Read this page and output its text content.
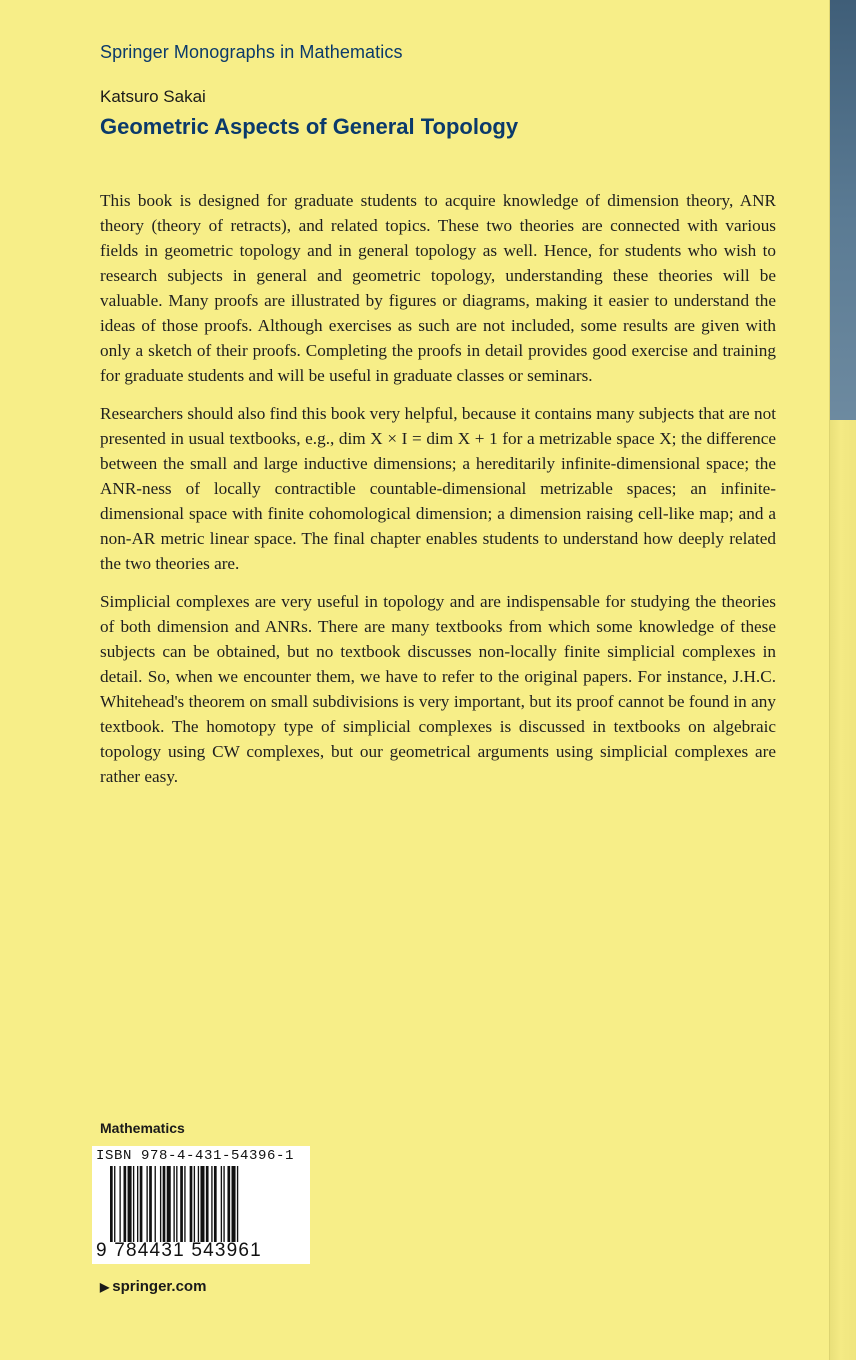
Springer Monographs in Mathematics
Katsuro Sakai
Geometric Aspects of General Topology

This book is designed for graduate students to acquire knowledge of dimension theory, ANR theory (theory of retracts), and related topics. These two theories are connected with various fields in geometric topology and in general topology as well. Hence, for students who wish to research subjects in general and geometric topology, understanding these theories will be valuable. Many proofs are illustrated by figures or diagrams, making it easier to understand the ideas of those proofs. Although exercises as such are not included, some results are given with only a sketch of their proofs. Completing the proofs in detail provides good exercise and training for graduate students and will be useful in graduate classes or seminars.

Researchers should also find this book very helpful, because it contains many subjects that are not presented in usual textbooks, e.g., dim X × I = dim X + 1 for a metrizable space X; the difference between the small and large inductive dimensions; a hereditarily infinite-dimensional space; the ANR-ness of locally contractible countable-dimensional metrizable spaces; an infinite-dimensional space with finite cohomological dimension; a dimension raising cell-like map; and a non-AR metric linear space. The final chapter enables students to understand how deeply related the two theories are.

Simplicial complexes are very useful in topology and are indispensable for studying the theories of both dimension and ANRs. There are many textbooks from which some knowledge of these subjects can be obtained, but no textbook discusses non-locally finite simplicial complexes in detail. So, when we encounter them, we have to refer to the original papers. For instance, J.H.C. Whitehead's theorem on small subdivisions is very important, but its proof cannot be found in any textbook. The homotopy type of simplicial complexes is discussed in textbooks on algebraic topology using CW complexes, but our geometrical arguments using simplicial complexes are rather easy.

Mathematics
ISBN 978-4-431-54396-1
9 784431 543961
▶ springer.com
